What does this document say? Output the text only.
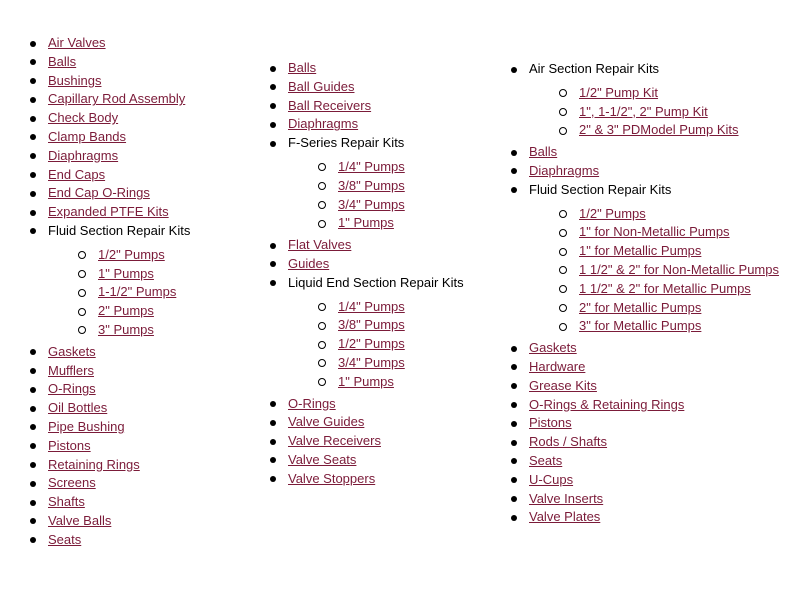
Air Valves
Balls
Bushings
Capillary Rod Assembly
Check Body
Clamp Bands
Diaphragms
End Caps
End Cap O-Rings
Expanded PTFE Kits
Fluid Section Repair Kits
1/2" Pumps
1" Pumps
1-1/2" Pumps
2" Pumps
3" Pumps
Gaskets
Mufflers
O-Rings
Oil Bottles
Pipe Bushing
Pistons
Retaining Rings
Screens
Shafts
Valve Balls
Seats
Balls
Ball Guides
Ball Receivers
Diaphragms
F-Series Repair Kits
1/4" Pumps
3/8" Pumps
3/4" Pumps
1" Pumps
Flat Valves
Guides
Liquid End Section Repair Kits
1/4" Pumps
3/8" Pumps
1/2" Pumps
3/4" Pumps
1" Pumps
O-Rings
Valve Guides
Valve Receivers
Valve Seats
Valve Stoppers
Air Section Repair Kits
1/2" Pump Kit
1", 1-1/2", 2" Pump Kit
2" & 3" PDModel Pump Kits
Balls
Diaphragms
Fluid Section Repair Kits
1/2" Pumps
1" for Non-Metallic Pumps
1" for Metallic Pumps
1 1/2" & 2" for Non-Metallic Pumps
1 1/2" & 2" for Metallic Pumps
2" for Metallic Pumps
3" for Metallic Pumps
Gaskets
Hardware
Grease Kits
O-Rings & Retaining Rings
Pistons
Rods / Shafts
Seats
U-Cups
Valve Inserts
Valve Plates
